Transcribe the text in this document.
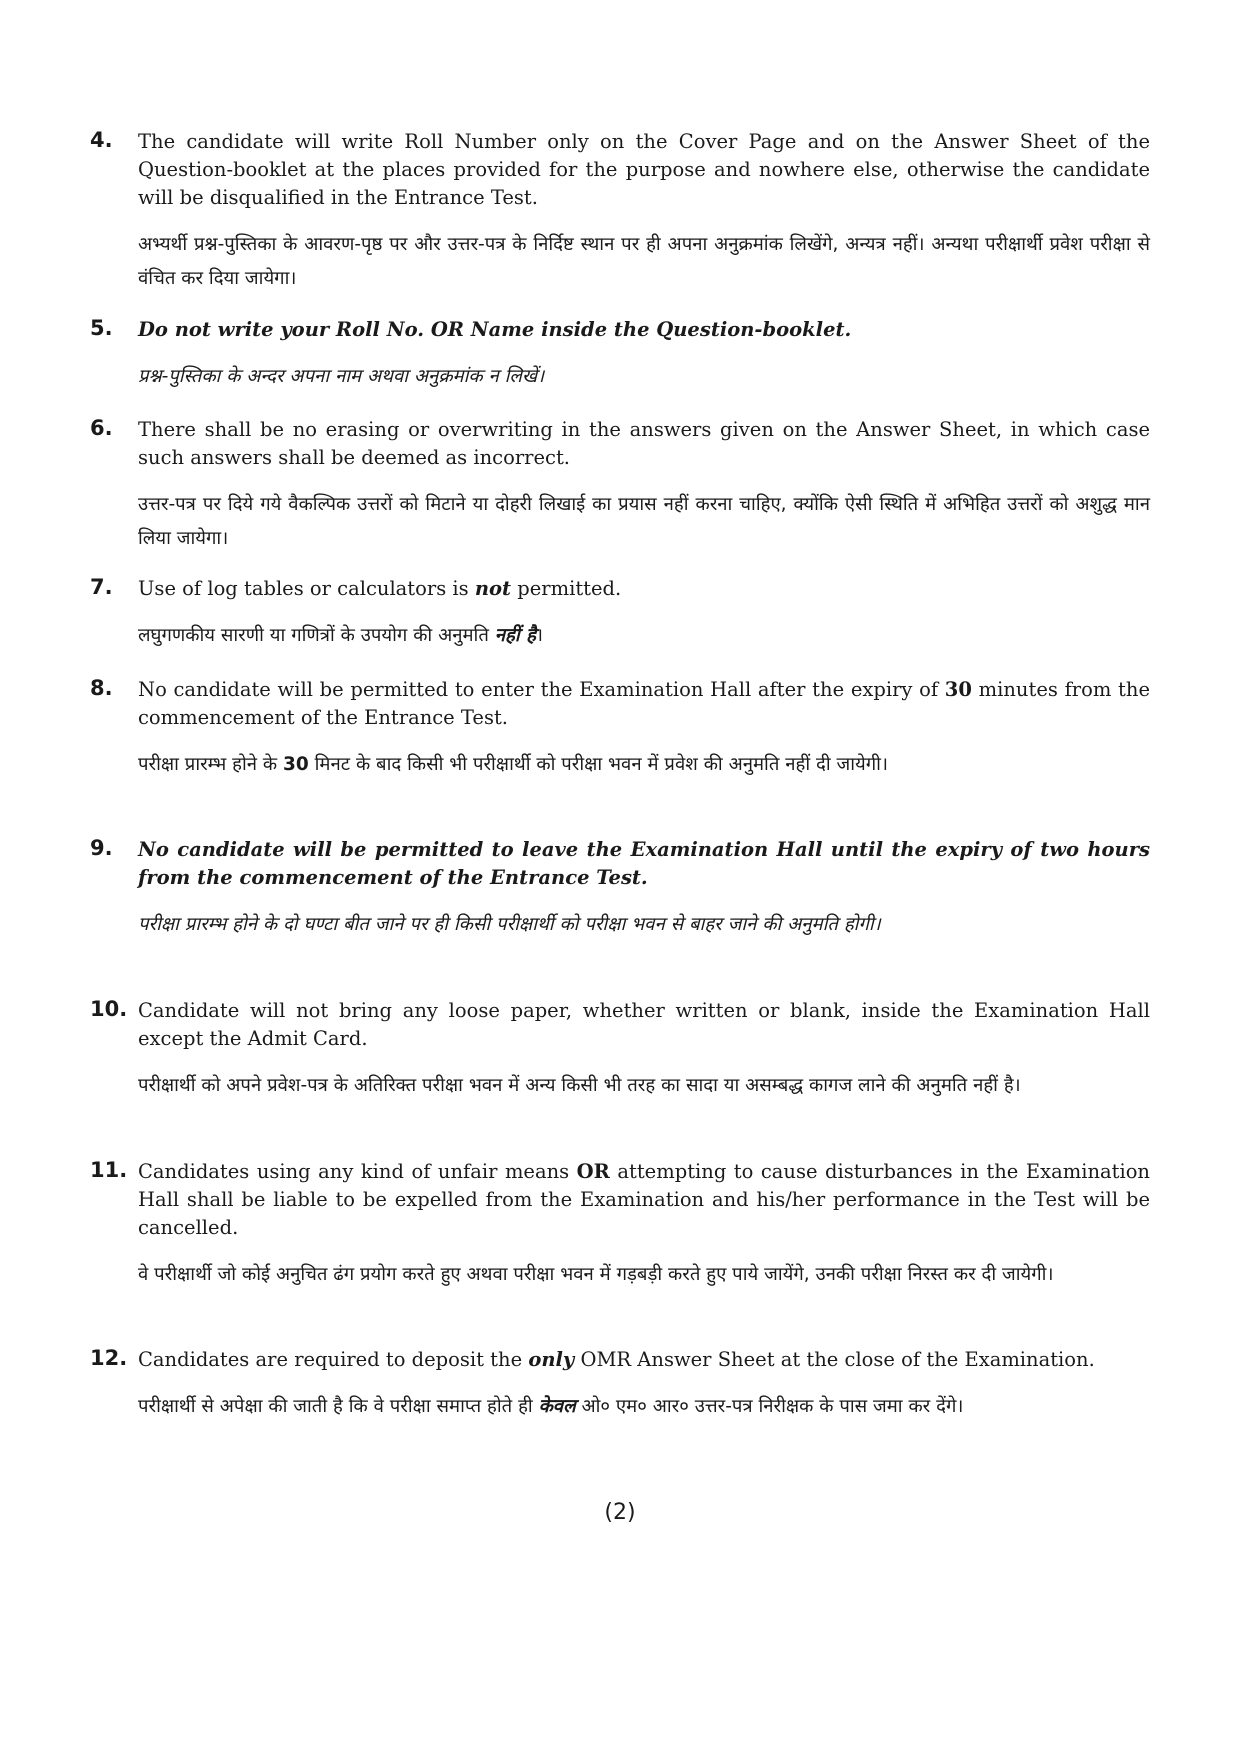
4. The candidate will write Roll Number only on the Cover Page and on the Answer Sheet of the Question-booklet at the places provided for the purpose and nowhere else, otherwise the candidate will be disqualified in the Entrance Test.
अभ्यर्थी प्रश्न-पुस्तिका के आवरण-पृष्ठ पर और उत्तर-पत्र के निर्दिष्ट स्थान पर ही अपना अनुक्रमांक लिखेंगे, अन्यत्र नहीं। अन्यथा परीक्षार्थी प्रवेश परीक्षा से वंचित कर दिया जायेगा।
5. Do not write your Roll No. OR Name inside the Question-booklet.
प्रश्न-पुस्तिका के अन्दर अपना नाम अथवा अनुक्रमांक न लिखें।
6. There shall be no erasing or overwriting in the answers given on the Answer Sheet, in which case such answers shall be deemed as incorrect.
उत्तर-पत्र पर दिये गये वैकल्पिक उत्तरों को मिटाने या दोहरी लिखाई का प्रयास नहीं करना चाहिए, क्योंकि ऐसी स्थिति में अभिहित उत्तरों को अशुद्ध मान लिया जायेगा।
7. Use of log tables or calculators is not permitted.
लघुगणकीय सारणी या गणित्रों के उपयोग की अनुमति नहीं है।
8. No candidate will be permitted to enter the Examination Hall after the expiry of 30 minutes from the commencement of the Entrance Test.
परीक्षा प्रारम्भ होने के 30 मिनट के बाद किसी भी परीक्षार्थी को परीक्षा भवन में प्रवेश की अनुमति नहीं दी जायेगी।
9. No candidate will be permitted to leave the Examination Hall until the expiry of two hours from the commencement of the Entrance Test.
परीक्षा प्रारम्भ होने के दो घण्टा बीत जाने पर ही किसी परीक्षार्थी को परीक्षा भवन से बाहर जाने की अनुमति होगी।
10. Candidate will not bring any loose paper, whether written or blank, inside the Examination Hall except the Admit Card.
परीक्षार्थी को अपने प्रवेश-पत्र के अतिरिक्त परीक्षा भवन में अन्य किसी भी तरह का सादा या असम्बद्ध कागज लाने की अनुमति नहीं है।
11. Candidates using any kind of unfair means OR attempting to cause disturbances in the Examination Hall shall be liable to be expelled from the Examination and his/her performance in the Test will be cancelled.
वे परीक्षार्थी जो कोई अनुचित ढंग प्रयोग करते हुए अथवा परीक्षा भवन में गड़बड़ी करते हुए पाये जायेंगे, उनकी परीक्षा निरस्त कर दी जायेगी।
12. Candidates are required to deposit the only OMR Answer Sheet at the close of the Examination.
परीक्षार्थी से अपेक्षा की जाती है कि वे परीक्षा समाप्त होते ही केवल ओ० एम० आर० उत्तर-पत्र निरीक्षक के पास जमा कर देंगे।
(2)
